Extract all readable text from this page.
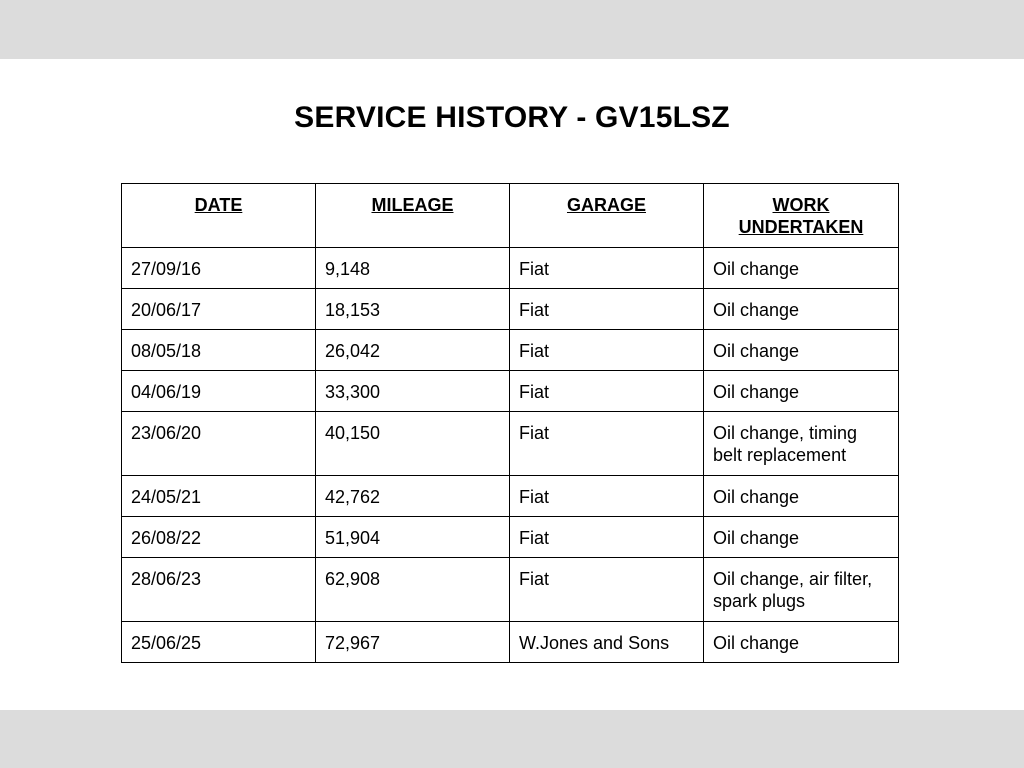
SERVICE HISTORY - GV15LSZ
DATE	MILEAGE	GARAGE	WORK UNDERTAKEN

27/09/16	9,148	Fiat	Oil change
20/06/17	18,153	Fiat	Oil change
08/05/18	26,042	Fiat	Oil change
04/06/19	33,300	Fiat	Oil change
23/06/20	40,150	Fiat	Oil change, timing belt replacement
24/05/21	42,762	Fiat	Oil change
26/08/22	51,904	Fiat	Oil change
28/06/23	62,908	Fiat	Oil change, air filter, spark plugs
25/06/25	72,967	W.Jones and Sons	Oil change
